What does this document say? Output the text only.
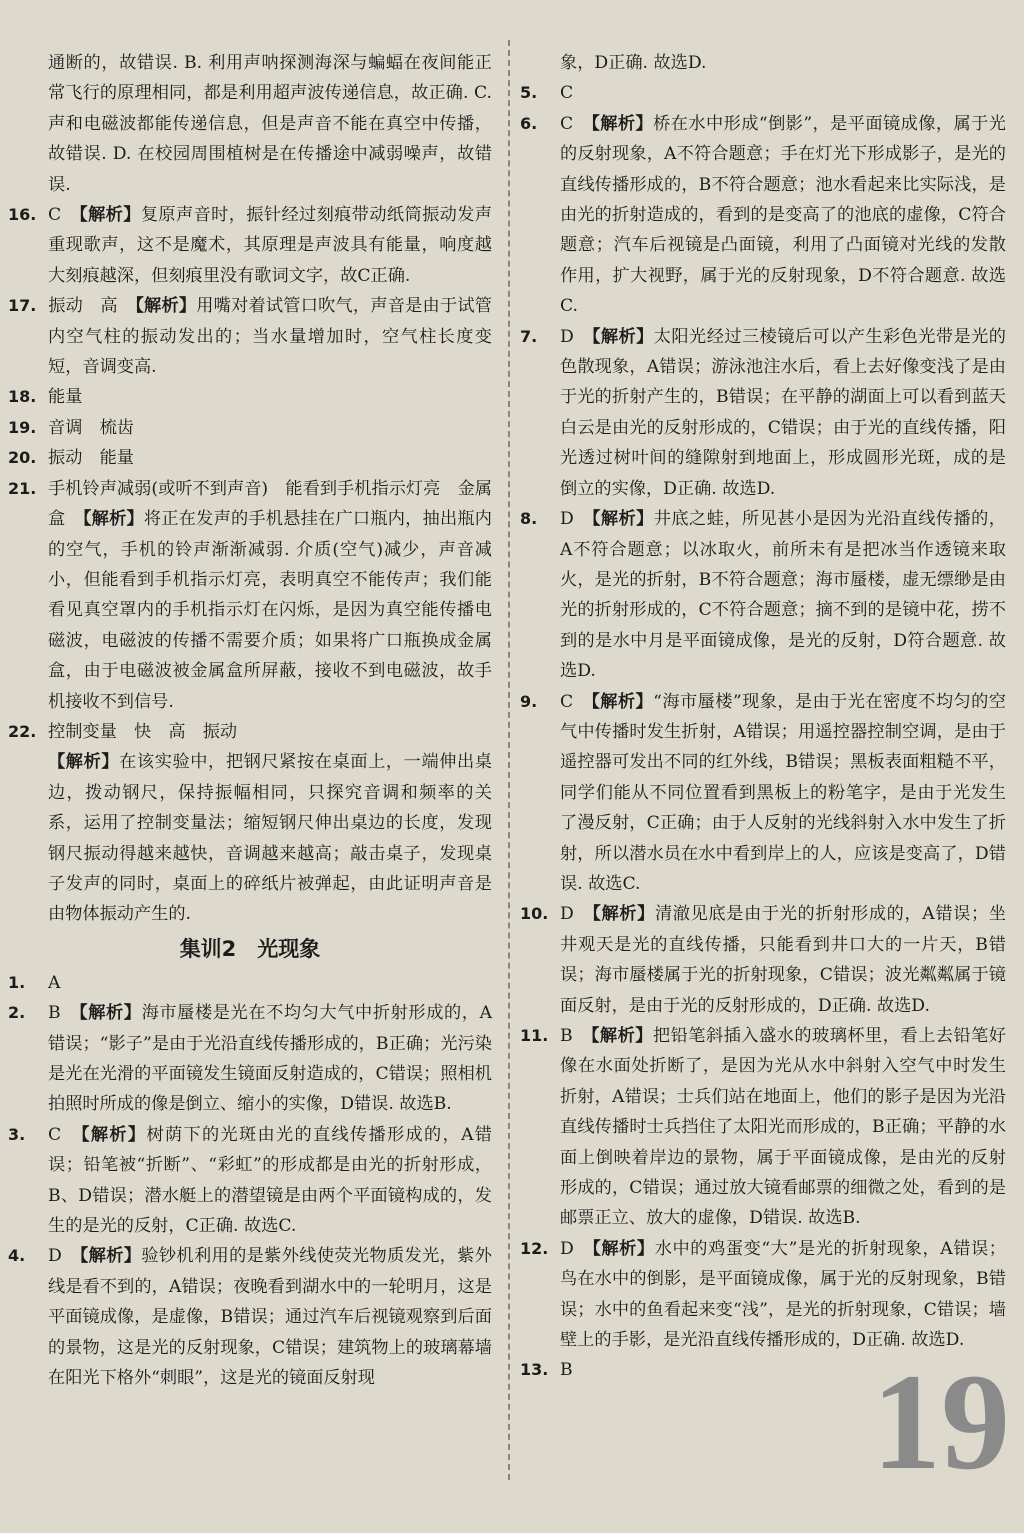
通断的，故错误. B. 利用声呐探测海深与蝙蝠在夜间能正常飞行的原理相同，都是利用超声波传递信息，故正确. C. 声和电磁波都能传递信息，但是声音不能在真空中传播，故错误. D. 在校园周围植树是在传播途中减弱噪声，故错误.

16. C　 【解析】复原声音时，振针经过刻痕带动纸筒振动发声重现歌声，这不是魔术，其原理是声波具有能量，响度越大刻痕越深，但刻痕里没有歌词文字，故C正确.

17. 振动　高　 【解析】用嘴对着试管口吹气，声音是由于试管内空气柱的振动发出的；当水量增加时，空气柱长度变短，音调变高.

18. 能量

19. 音调　梳齿

20. 振动　能量

21. 手机铃声减弱(或听不到声音)　能看到手机指示灯亮　金属盒　 【解析】将正在发声的手机悬挂在广口瓶内，抽出瓶内的空气，手机的铃声渐渐减弱. 介质(空气)减少，声音减小，但能看到手机指示灯亮，表明真空不能传声；我们能看见真空罩内的手机指示灯在闪烁，是因为真空能传播电磁波，电磁波的传播不需要介质；如果将广口瓶换成金属盒，由于电磁波被金属盒所屏蔽，接收不到电磁波，故手机接收不到信号.

22. 控制变量　快　高　振动

【解析】在该实验中，把钢尺紧按在桌面上，一端伸出桌边，拨动钢尺，保持振幅相同，只探究音调和频率的关系，运用了控制变量法；缩短钢尺伸出桌边的长度，发现钢尺振动得越来越快，音调越来越高；敲击桌子，发现桌子发声的同时，桌面上的碎纸片被弹起，由此证明声音是由物体振动产生的.

集训2　光现象

1. A

2. B　 【解析】海市蜃楼是光在不均匀大气中折射形成的，A错误；“影子”是由于光沿直线传播形成的，B正确；光污染是光在光滑的平面镜发生镜面反射造成的，C错误；照相机拍照时所成的像是倒立、缩小的实像，D错误. 故选B.

3. C　 【解析】树荫下的光斑由光的直线传播形成的，A错误；铅笔被“折断”、“彩虹”的形成都是由光的折射形成，B、D错误；潜水艇上的潜望镜是由两个平面镜构成的，发生的是光的反射，C正确. 故选C.

4. D　 【解析】验钞机利用的是紫外线使荧光物质发光，紫外线是看不到的，A错误；夜晚看到湖水中的一轮明月，这是平面镜成像，是虚像，B错误；通过汽车后视镜观察到后面的景物，这是光的反射现象，C错误；建筑物上的玻璃幕墙在阳光下格外“刺眼”，这是光的镜面反射现

象，D正确. 故选D.

5. C

6. C　 【解析】桥在水中形成“倒影”，是平面镜成像，属于光的反射现象，A不符合题意；手在灯光下形成影子，是光的直线传播形成的，B不符合题意；池水看起来比实际浅，是由光的折射造成的，看到的是变高了的池底的虚像，C符合题意；汽车后视镜是凸面镜，利用了凸面镜对光线的发散作用，扩大视野，属于光的反射现象，D不符合题意. 故选C.

7. D　 【解析】太阳光经过三棱镜后可以产生彩色光带是光的色散现象，A错误；游泳池注水后，看上去好像变浅了是由于光的折射产生的，B错误；在平静的湖面上可以看到蓝天白云是由光的反射形成的，C错误；由于光的直线传播，阳光透过树叶间的缝隙射到地面上，形成圆形光斑，成的是倒立的实像，D正确. 故选D.

8. D　 【解析】井底之蛙，所见甚小是因为光沿直线传播的，A不符合题意；以冰取火，前所未有是把冰当作透镜来取火，是光的折射，B不符合题意；海市蜃楼，虚无缥缈是由光的折射形成的，C不符合题意；摘不到的是镜中花，捞不到的是水中月是平面镜成像，是光的反射，D符合题意. 故选D.

9. C　 【解析】“海市蜃楼”现象，是由于光在密度不均匀的空气中传播时发生折射，A错误；用遥控器控制空调，是由于遥控器可发出不同的红外线，B错误；黑板表面粗糙不平，同学们能从不同位置看到黑板上的粉笔字，是由于光发生了漫反射，C正确；由于人反射的光线斜射入水中发生了折射，所以潜水员在水中看到岸上的人，应该是变高了，D错误. 故选C.

10. D　 【解析】清澈见底是由于光的折射形成的，A错误；坐井观天是光的直线传播，只能看到井口大的一片天，B错误；海市蜃楼属于光的折射现象，C错误；波光粼粼属于镜面反射，是由于光的反射形成的，D正确. 故选D.

11. B　 【解析】把铅笔斜插入盛水的玻璃杯里，看上去铅笔好像在水面处折断了，是因为光从水中斜射入空气中时发生折射，A错误；士兵们站在地面上，他们的影子是因为光沿直线传播时士兵挡住了太阳光而形成的，B正确；平静的水面上倒映着岸边的景物，属于平面镜成像，是由光的反射形成的，C错误；通过放大镜看邮票的细微之处，看到的是邮票正立、放大的虚像，D错误. 故选B.

12. D　 【解析】水中的鸡蛋变“大”是光的折射现象，A错误；鸟在水中的倒影，是平面镜成像，属于光的反射现象，B错误；水中的鱼看起来变“浅”，是光的折射现象，C错误；墙壁上的手影，是光沿直线传播形成的，D正确. 故选D.

13. B	19
